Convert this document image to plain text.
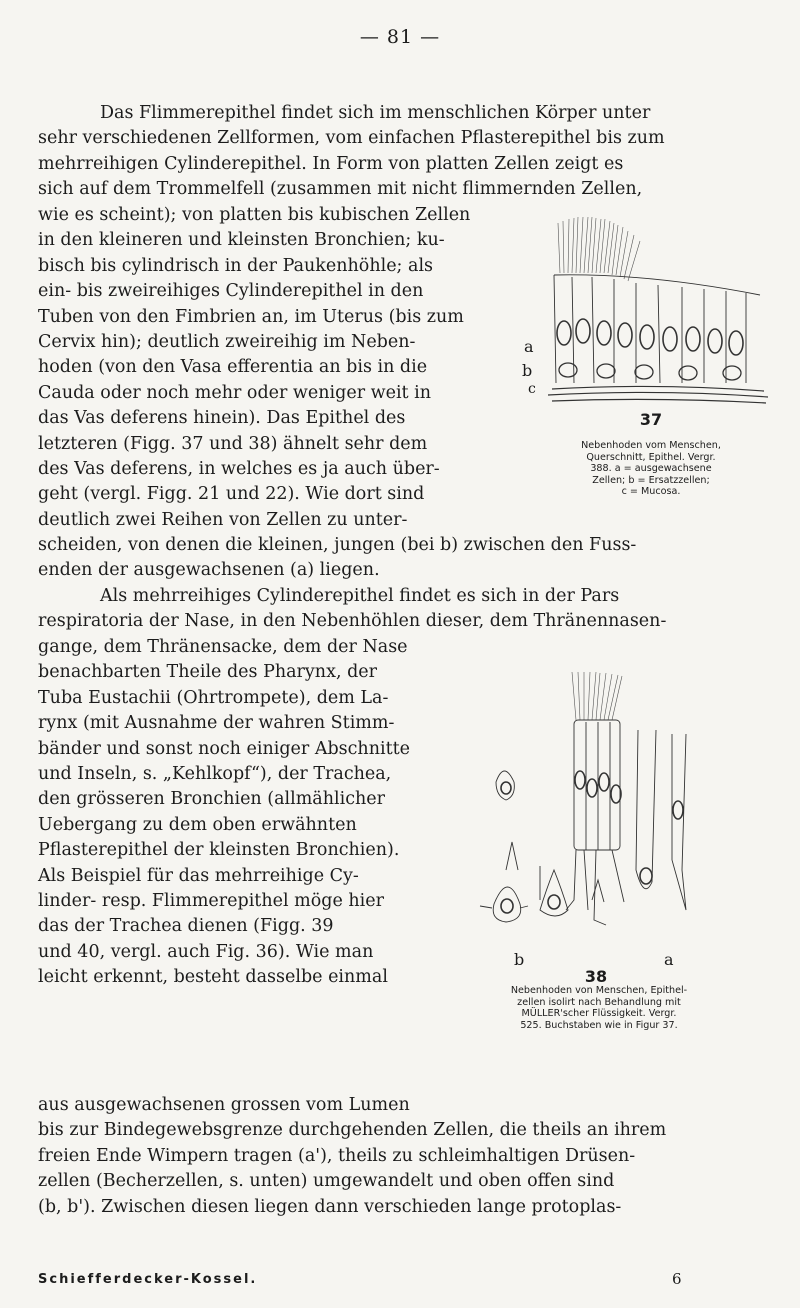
— 81 —
Das Flimmerepithel findet sich im menschlichen Körper unter
sehr verschiedenen Zellformen, vom einfachen Pflasterepithel bis zum
mehrreihigen Cylinderepithel. In Form von platten Zellen zeigt es
sich auf dem Trommelfell (zusammen mit nicht flimmernden Zellen,
wie es scheint); von platten bis kubischen Zellen
in den kleineren und kleinsten Bronchien; ku-
bisch bis cylindrisch in der Paukenhöhle; als
ein- bis zweireihiges Cylinderepithel in den
Tuben von den Fimbrien an, im Uterus (bis zum
Cervix hin); deutlich zweireihig im Neben-
hoden (von den Vasa efferentia an bis in die
Cauda oder noch mehr oder weniger weit in
das Vas deferens hinein). Das Epithel des
letzteren (Figg. 37 und 38) ähnelt sehr dem
des Vas deferens, in welches es ja auch über-
geht (vergl. Figg. 21 und 22). Wie dort sind
deutlich zwei Reihen von Zellen zu unter-
scheiden, von denen die kleinen, jungen (bei b) zwischen den Fuss-
enden der ausgewachsenen (a) liegen.
Als mehrreihiges Cylinderepithel findet es sich in der Pars
respiratoria der Nase, in den Nebenhöhlen dieser, dem Thränennasen-
gange, dem Thränensacke, dem der Nase
benachbarten Theile des Pharynx, der
Tuba Eustachii (Ohrtrompete), dem La-
rynx (mit Ausnahme der wahren Stimm-
bänder und sonst noch einiger Abschnitte
und Inseln, s. „Kehlkopf“), der Trachea,
den grösseren Bronchien (allmählicher
Uebergang zu dem oben erwähnten
Pflasterepithel der kleinsten Bronchien).
Als Beispiel für das mehrreihige Cy-
linder- resp. Flimmerepithel möge hier
das der Trachea dienen (Figg. 39
und 40, vergl. auch Fig. 36). Wie man
leicht erkennt, besteht dasselbe einmal
aus ausgewachsenen grossen vom Lumen
bis zur Bindegewebsgrenze durchgehenden Zellen, die theils an ihrem
freien Ende Wimpern tragen (a'), theils zu schleimhaltigen Drüsen-
zellen (Becherzellen, s. unten) umgewandelt und oben offen sind
(b, b'). Zwischen diesen liegen dann verschieden lange protoplas-
a
b
c
37
Nebenhoden vom Menschen,
Querschnitt, Epithel. Vergr.
388. a = ausgewachsene
Zellen; b = Ersatzzellen;
c = Mucosa.
b	a
38
Nebenhoden von Menschen, Epithel-
zellen isolirt nach Behandlung mit
MÜLLER'scher Flüssigkeit. Vergr.
525. Buchstaben wie in Figur 37.
Schiefferdecker-Kossel.	6
